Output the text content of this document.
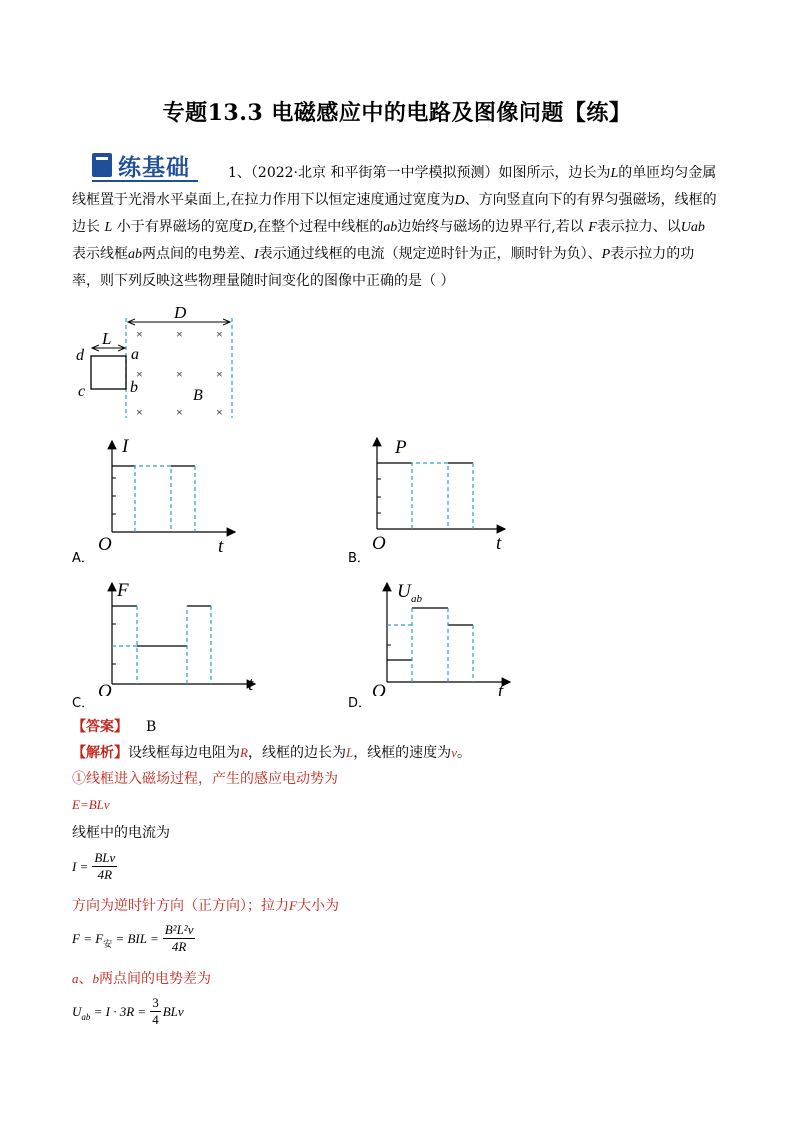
专题13.3 电磁感应中的电路及图像问题【练】
练基础	1、（2022·北京 和平街第一中学模拟预测）如图所示，边长为L的单匝均匀金属
线框置于光滑水平桌面上,在拉力作用下以恒定速度通过宽度为D、方向竖直向下的有界匀强磁场，线框的
边长 L 小于有界磁场的宽度D,在整个过程中线框的ab边始终与磁场的边界平行,若以 F表示拉力、以Uab
表示线框ab两点间的电势差、I表示通过线框的电流（规定逆时针为正，顺时针为负）、P表示拉力的功
率，则下列反映这些物理量随时间变化的图像中正确的是（ ）
D
L
d
c
a
b	B
×	×	×
×	×
×	×	×
×
I
O	t
A．
P
O	t
B．
F
O	t
C．
U ab
O	t
D．
【答案】 B
【解析】设线框每边电阻为R，线框的边长为L，线框的速度为v。
①线框进入磁场过程，产生的感应电动势为
E=BLv
线框中的电流为
I =
BLv
4R
方向为逆时针方向（正方向）；拉力F大小为
F = F 安 = BIL = $\frac{\text{B²L²v}}{4R}$
a、b两点间的电势差为
U ab = $I \cdot 3R = \frac{3}{4}$ BLv
